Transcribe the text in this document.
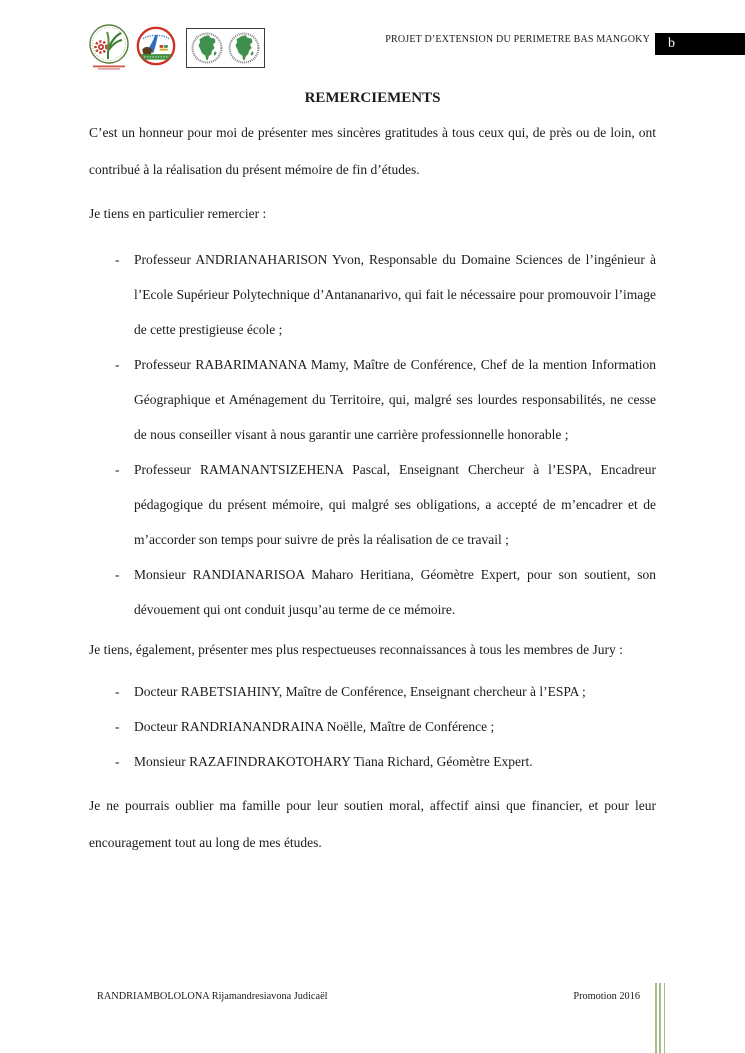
PROJET D’EXTENSION DU PERIMETRE BAS MANGOKY	b
REMERCIEMENTS

C’est un honneur pour moi de présenter mes sincères gratitudes à tous ceux qui, de près ou de loin, ont contribué à la réalisation du présent mémoire de fin d’études.

Je tiens en particulier remercier :

-	Professeur ANDRIANAHARISON Yvon, Responsable du Domaine Sciences de l’ingénieur à l’Ecole Supérieur Polytechnique d’Antananarivo, qui fait le nécessaire pour promouvoir l’image de cette prestigieuse école ;
-	Professeur RABARIMANANA Mamy, Maître de Conférence, Chef de la mention Information Géographique et Aménagement du Territoire, qui, malgré ses lourdes responsabilités, ne cesse de nous conseiller visant à nous garantir une carrière professionnelle honorable ;
-	Professeur RAMANANTSIZEHENA Pascal, Enseignant Chercheur à l’ESPA, Encadreur pédagogique du présent mémoire, qui malgré ses obligations, a accepté de m’encadrer et de m’accorder son temps pour suivre de près la réalisation de ce travail ;
-	Monsieur RANDIANARISOA Maharo Heritiana, Géomètre Expert, pour son soutient, son dévouement qui ont conduit jusqu’au terme de ce mémoire.

Je tiens, également, présenter mes plus respectueuses reconnaissances à tous les membres de Jury :

-	Docteur RABETSIAHINY, Maître de Conférence, Enseignant chercheur à l’ESPA ;
-	Docteur RANDRIANANDRAINA Noëlle, Maître de Conférence ;
-	Monsieur RAZAFINDRAKOTOHARY Tiana Richard, Géomètre Expert.

Je ne pourrais oublier ma famille pour leur soutien moral, affectif ainsi que financier, et pour leur encouragement tout au long de mes études.

RANDRIAMBOLOLONA Rijamandresiavona Judicaël	Promotion 2016
